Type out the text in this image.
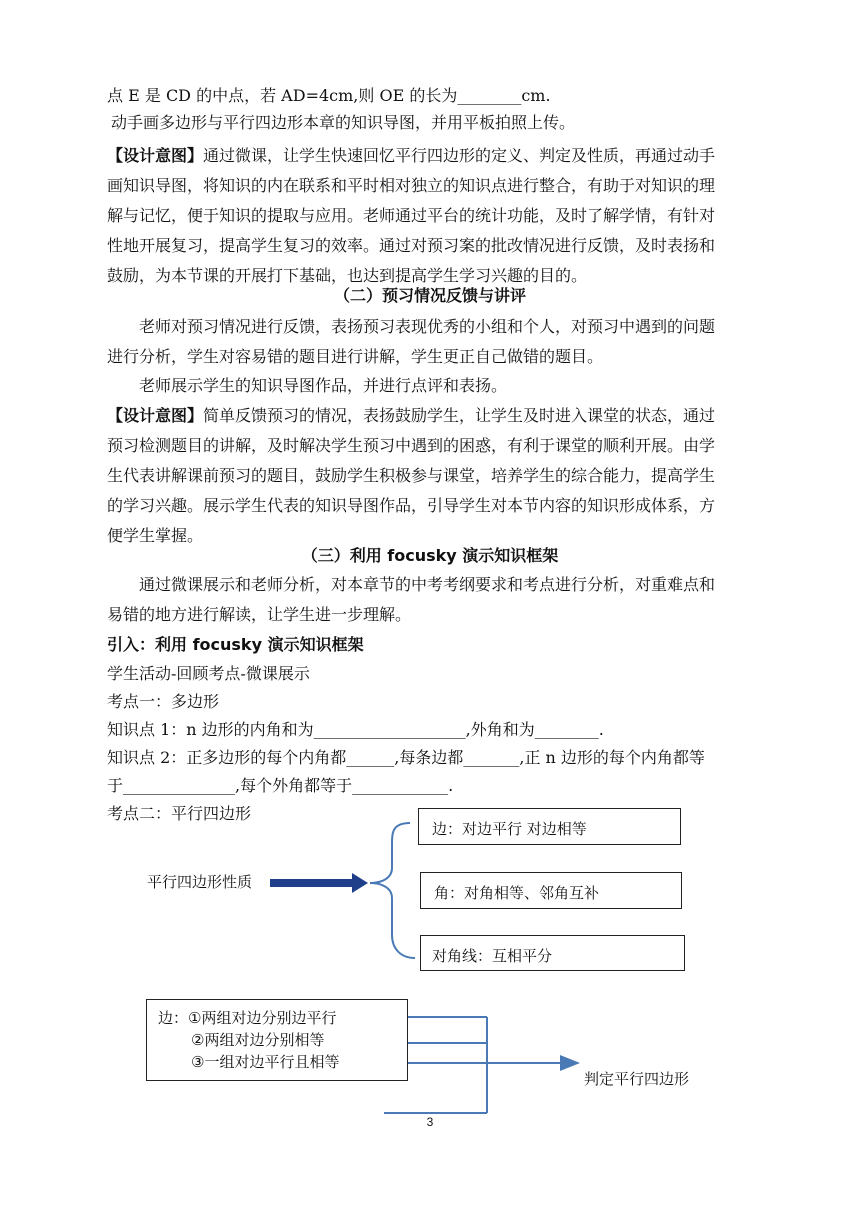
点 E 是 CD 的中点，若 AD=4cm,则 OE 的长为________cm.
动手画多边形与平行四边形本章的知识导图，并用平板拍照上传。
【设计意图】通过微课，让学生快速回忆平行四边形的定义、判定及性质，再通过动手
画知识导图，将知识的内在联系和平时相对独立的知识点进行整合，有助于对知识的理
解与记忆，便于知识的提取与应用。老师通过平台的统计功能，及时了解学情，有针对
性地开展复习，提高学生复习的效率。通过对预习案的批改情况进行反馈，及时表扬和
鼓励，为本节课的开展打下基础，也达到提高学生学习兴趣的目的。
（二）预习情况反馈与讲评
老师对预习情况进行反馈，表扬预习表现优秀的小组和个人，对预习中遇到的问题
进行分析，学生对容易错的题目进行讲解，学生更正自己做错的题目。
老师展示学生的知识导图作品，并进行点评和表扬。
【设计意图】简单反馈预习的情况，表扬鼓励学生，让学生及时进入课堂的状态，通过
预习检测题目的讲解，及时解决学生预习中遇到的困惑，有利于课堂的顺利开展。由学
生代表讲解课前预习的题目，鼓励学生积极参与课堂，培养学生的综合能力，提高学生
的学习兴趣。展示学生代表的知识导图作品，引导学生对本节内容的知识形成体系，方
便学生掌握。
（三）利用 focusky 演示知识框架
通过微课展示和老师分析，对本章节的中考考纲要求和考点进行分析，对重难点和
易错的地方进行解读，让学生进一步理解。
引入：利用 focusky 演示知识框架
学生活动-回顾考点-微课展示
考点一：多边形
知识点 1：n 边形的内角和为___________________,外角和为________.
知识点 2：正多边形的每个内角都______,每条边都_______,正 n 边形的每个内角都等
于______________,每个外角都等于____________.
考点二：平行四边形
平行四边形性质
边：对边平行 对边相等
角：对角相等、邻角互补
对角线：互相平分
边：①两组对边分别边平行
②两组对边分别相等
③一组对边平行且相等
判定平行四边形
3
